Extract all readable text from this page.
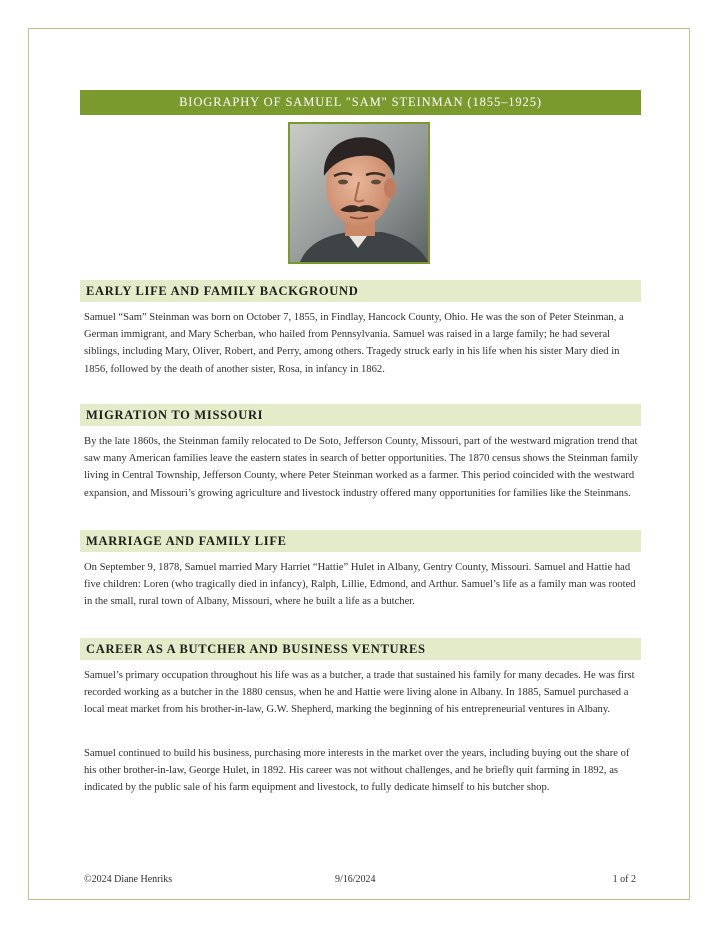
BIOGRAPHY OF SAMUEL "SAM" STEINMAN (1855–1925)
EARLY LIFE AND FAMILY BACKGROUND

Samuel “Sam” Steinman was born on October 7, 1855, in Findlay, Hancock County, Ohio. He was the son of Peter Steinman, a German immigrant, and Mary Scherban, who hailed from Pennsylvania. Samuel was raised in a large family; he had several siblings, including Mary, Oliver, Robert, and Perry, among others. Tragedy struck early in his life when his sister Mary died in 1856, followed by the death of another sister, Rosa, in infancy in 1862.

MIGRATION TO MISSOURI

By the late 1860s, the Steinman family relocated to De Soto, Jefferson County, Missouri, part of the westward migration trend that saw many American families leave the eastern states in search of better opportunities. The 1870 census shows the Steinman family living in Central Township, Jefferson County, where Peter Steinman worked as a farmer. This period coincided with the westward expansion, and Missouri’s growing agriculture and livestock industry offered many opportunities for families like the Steinmans.

MARRIAGE AND FAMILY LIFE

On September 9, 1878, Samuel married Mary Harriet “Hattie” Hulet in Albany, Gentry County, Missouri. Samuel and Hattie had five children: Loren (who tragically died in infancy), Ralph, Lillie, Edmond, and Arthur. Samuel’s life as a family man was rooted in the small, rural town of Albany, Missouri, where he built a life as a butcher.

CAREER AS A BUTCHER AND BUSINESS VENTURES

Samuel’s primary occupation throughout his life was as a butcher, a trade that sustained his family for many decades. He was first recorded working as a butcher in the 1880 census, when he and Hattie were living alone in Albany. In 1885, Samuel purchased a local meat market from his brother-in-law, G.W. Shepherd, marking the beginning of his entrepreneurial ventures in Albany.

Samuel continued to build his business, purchasing more interests in the market over the years, including buying out the share of his other brother-in-law, George Hulet, in 1892. His career was not without challenges, and he briefly quit farming in 1892, as indicated by the public sale of his farm equipment and livestock, to fully dedicate himself to his butcher shop.

©2024 Diane Henriks	9/16/2024	1 of 2
